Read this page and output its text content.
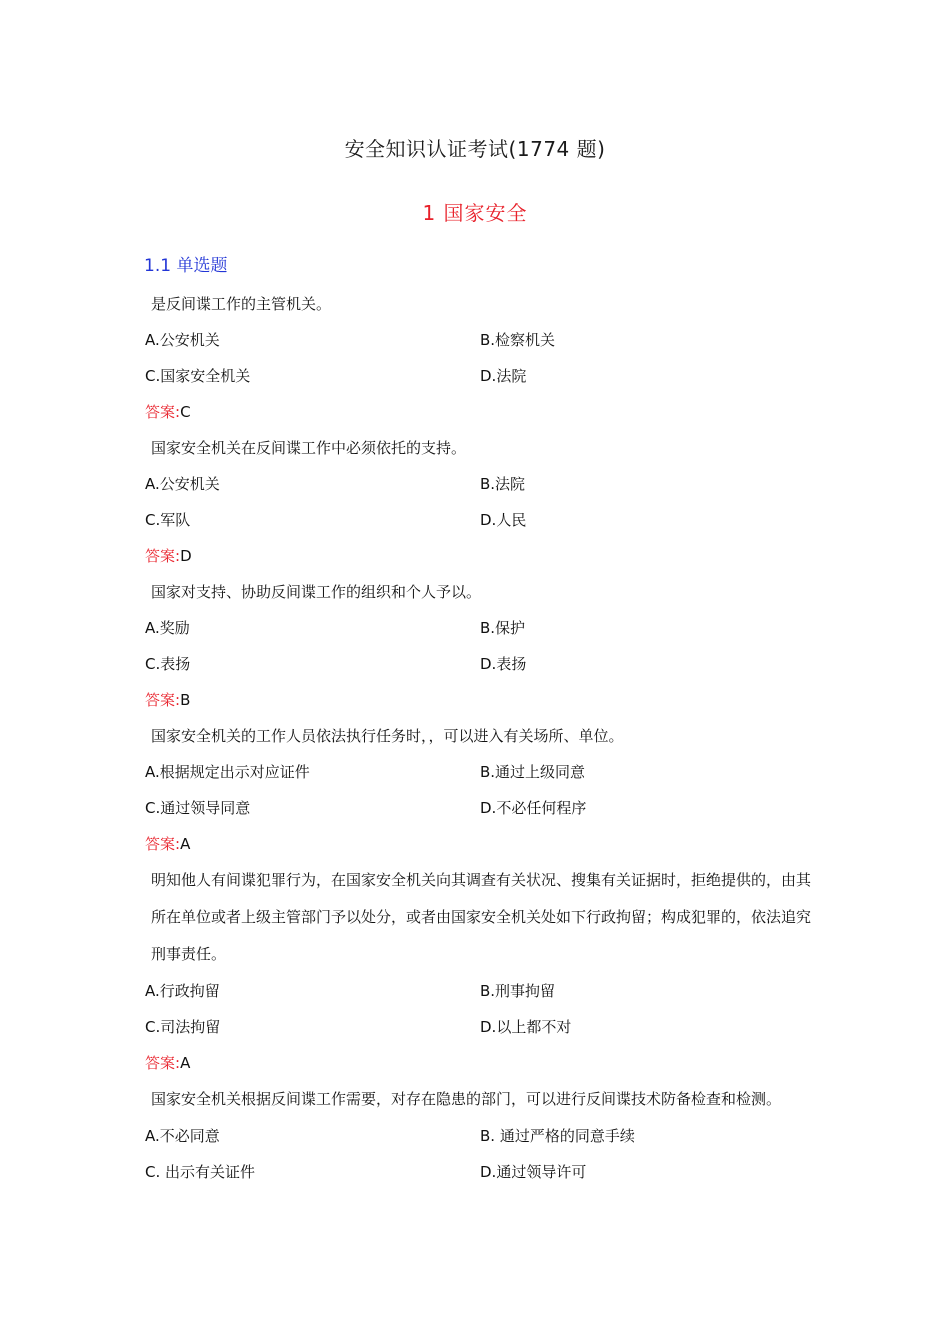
安全知识认证考试(1774 题)
1 国家安全
1.1 单选题
是反间谍工作的主管机关。
A.公安机关	B.检察机关
C.国家安全机关	D.法院
答案:C
国家安全机关在反间谍工作中必须依托的支持。
A.公安机关	B.法院
C.军队	D.人民
答案:D
国家对支持、协助反间谍工作的组织和个人予以。
A.奖励	B.保护
C.表扬	D.表扬
答案:B
国家安全机关的工作人员依法执行任务时，，可以进入有关场所、单位。
A.根据规定出示对应证件	B.通过上级同意
C.通过领导同意	D.不必任何程序
答案:A
明知他人有间谍犯罪行为，在国家安全机关向其调查有关状况、搜集有关证据时，拒绝提供的，由其所在单位或者上级主管部门予以处分，或者由国家安全机关处如下行政拘留；构成犯罪的，依法追究刑事责任。
A.行政拘留	B.刑事拘留
C.司法拘留	D.以上都不对
答案:A
国家安全机关根据反间谍工作需要，对存在隐患的部门，可以进行反间谍技术防备检查和检测。
A.不必同意	B. 通过严格的同意手续
C. 出示有关证件	D.通过领导许可
